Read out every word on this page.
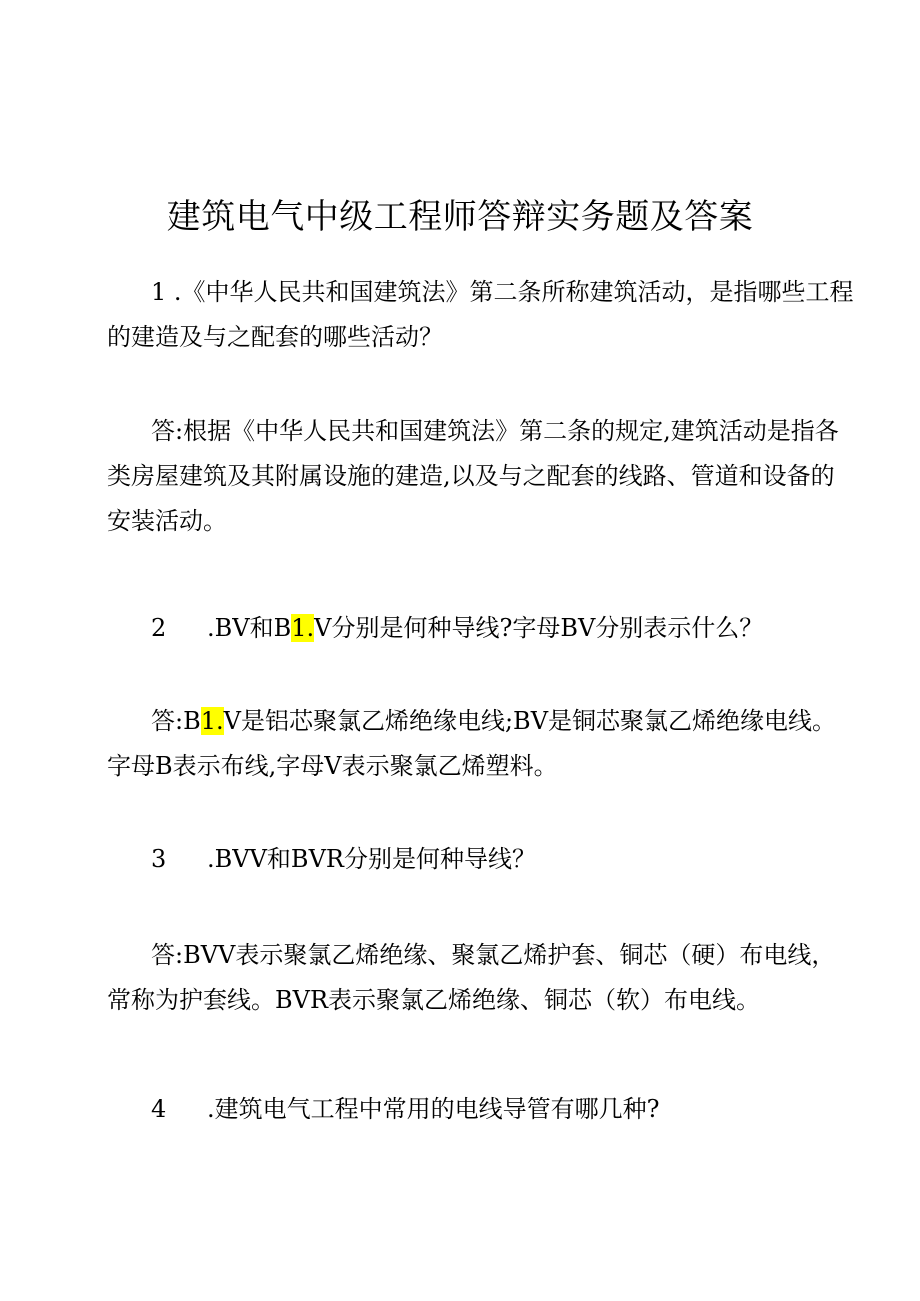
建筑电气中级工程师答辩实务题及答案

1 .《中华人民共和国建筑法》第二条所称建筑活动，是指哪些工程
的建造及与之配套的哪些活动？

答:根据《中华人民共和国建筑法》第二条的规定,建筑活动是指各
类房屋建筑及其附属设施的建造,以及与之配套的线路、管道和设备的
安装活动。

2 .BV和B1.V分别是何种导线?字母BV分别表示什么？

答:B1.V是铝芯聚氯乙烯绝缘电线;BV是铜芯聚氯乙烯绝缘电线。
字母B表示布线,字母V表示聚氯乙烯塑料。

3 .BVV和BVR分别是何种导线？

答:BVV表示聚氯乙烯绝缘、聚氯乙烯护套、铜芯（硬）布电线，
常称为护套线。BVR表示聚氯乙烯绝缘、铜芯（软）布电线。

4 .建筑电气工程中常用的电线导管有哪几种?
